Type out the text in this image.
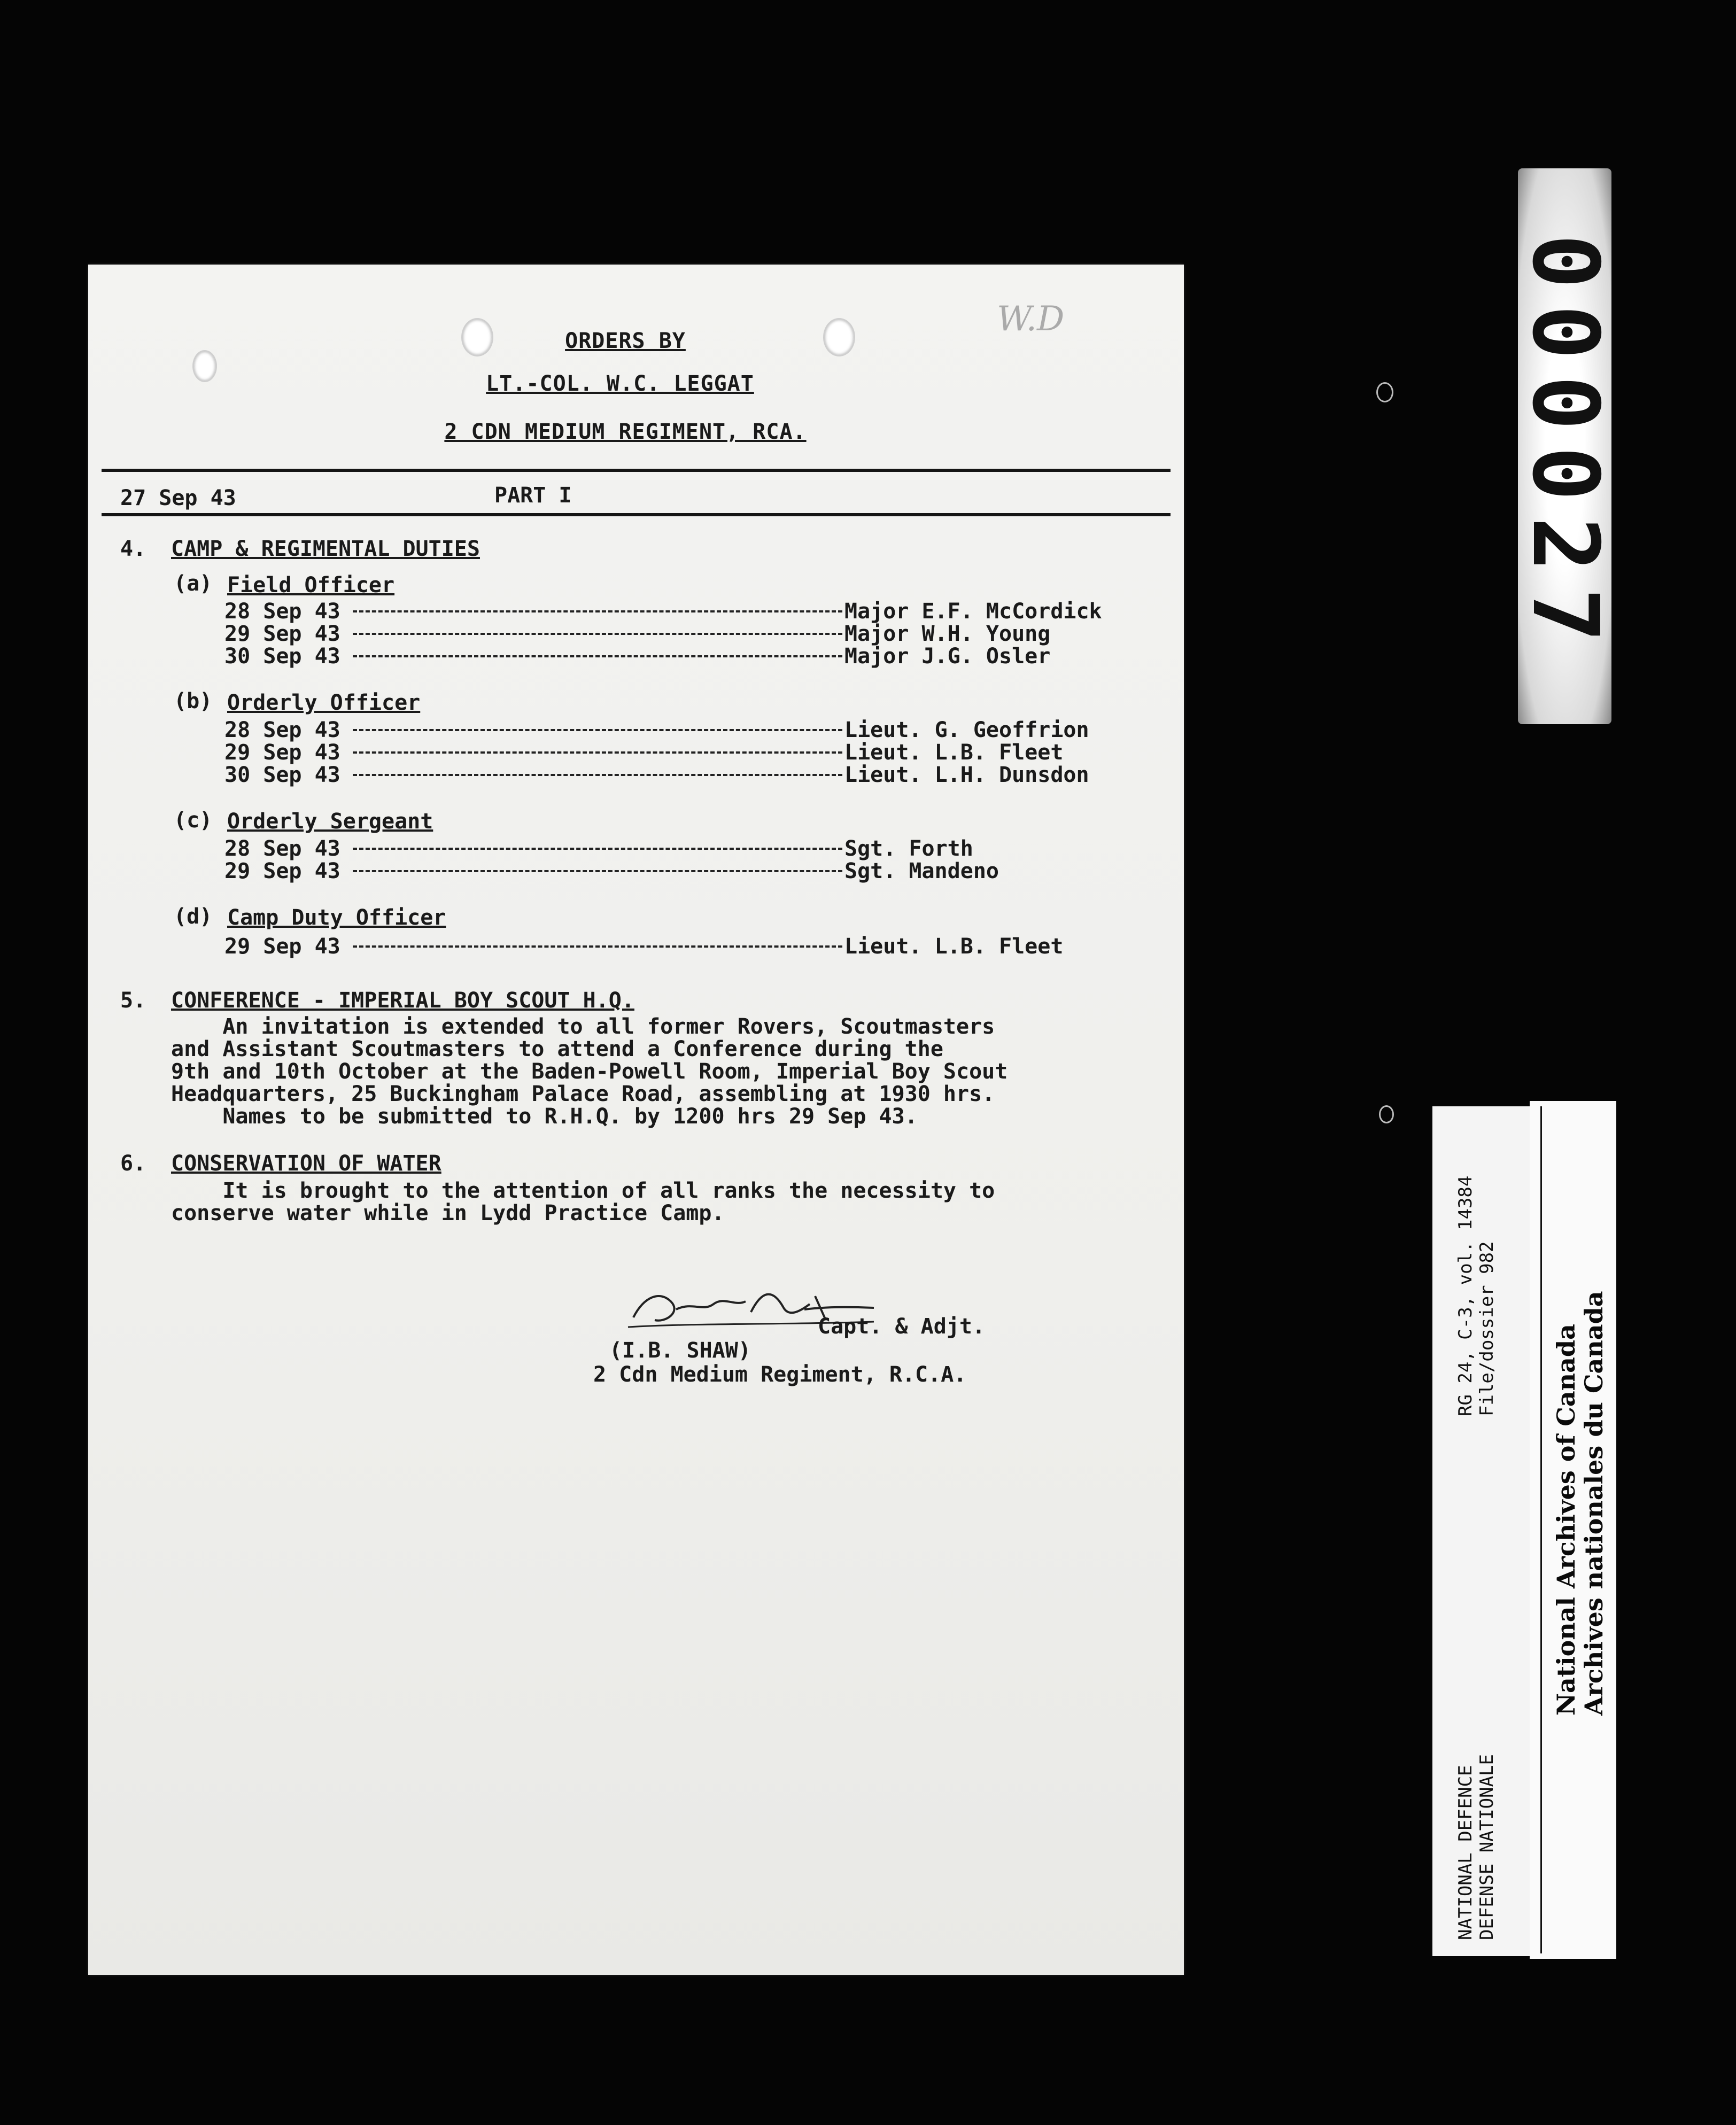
W.D
ORDERS BY
LT.-COL. W.C. LEGGAT
2 CDN MEDIUM REGIMENT, RCA.
27 Sep 43	PART I
4. CAMP & REGIMENTAL DUTIES
(a) Field Officer
28 Sep 43	Major E.F. McCordick
29 Sep 43	Major W.H. Young
30 Sep 43	Major J.G. Osler
(b) Orderly Officer
28 Sep 43	Lieut. G. Geoffrion
29 Sep 43	Lieut. L.B. Fleet
30 Sep 43	Lieut. L.H. Dunsdon
(c) Orderly Sergeant
28 Sep 43	Sgt. Forth
29 Sep 43	Sgt. Mandeno
(d) Camp Duty Officer
29 Sep 43	Lieut. L.B. Fleet
5. CONFERENCE - IMPERIAL BOY SCOUT H.Q.
An invitation is extended to all former Rovers, Scoutmasters
and Assistant Scoutmasters to attend a Conference during the
9th and 10th October at the Baden-Powell Room, Imperial Boy Scout
Headquarters, 25 Buckingham Palace Road, assembling at 1930 hrs.
Names to be submitted to R.H.Q. by 1200 hrs 29 Sep 43.
6. CONSERVATION OF WATER
It is brought to the attention of all ranks the necessity to
conserve water while in Lydd Practice Camp.
Capt. & Adjt.
(I.B. SHAW)
2 Cdn Medium Regiment, R.C.A.
000027
NATIONAL DEFENCE DEFENSE NATIONALE
RG 24, C-3, vol. 14384 File/dossier 982 National Archives of Canada
Archives nationales du Canada
